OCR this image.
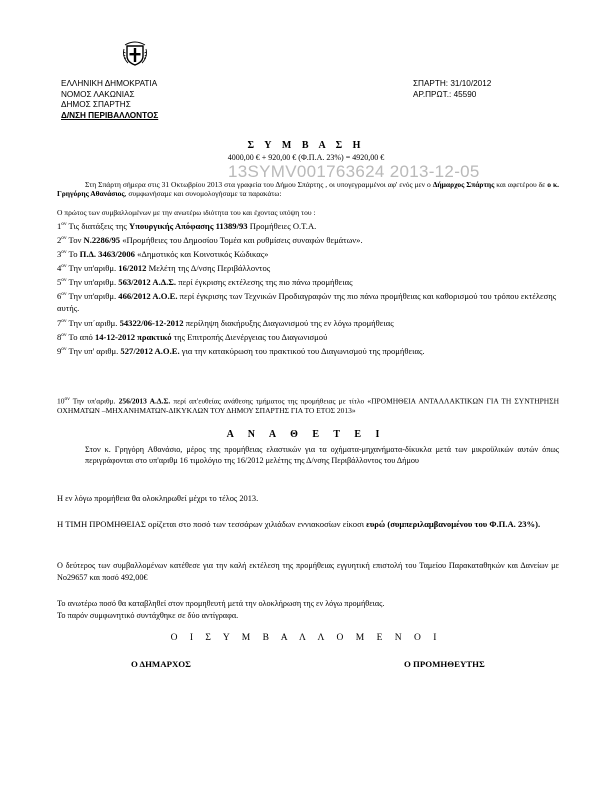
ΕΛΛΗΝΙΚΗ ΔΗΜΟΚΡΑΤΙΑ
ΝΟΜΟΣ ΛΑΚΩΝΙΑΣ
ΔΗΜΟΣ ΣΠΑΡΤΗΣ
Δ/ΝΣΗ ΠΕΡΙΒΑΛΛΟΝΤΟΣ
ΣΠΑΡΤΗ: 31/10/2012
ΑΡ.ΠΡΩΤ.: 45590
Σ Υ Μ Β Α Σ Η
4000,00 € + 920,00 € (Φ.Π.Α. 23%) = 4920,00 €
13SYMV001763624 2013-12-05
Στη Σπάρτη σήμερα στις 31 Οκτωβρίου 2013 στα γραφεία του Δήμου Σπάρτης , οι υπογεγραμμένοι αφ' ενός μεν ο Δήμαρχος Σπάρτης και αφετέρου δε ο κ. Γρηγόρης Αθανάσιος, συμφωνήσαμε και συνομολογήσαμε τα παρακάτω:
Ο πρώτος των συμβαλλομένων με την ανωτέρω ιδιότητα του και έχοντας υπόψη του :
$1^{o\nu}$ Τις διατάξεις της Υπουργικής Απόφασης 11389/93 Προμήθειες Ο.Τ.Α.
$2^{o\nu}$ Τον Ν.2286/95 «Προμήθειες του Δημοσίου Τομέα και ρυθμίσεις συναφών θεμάτων».
$3^{o\nu}$ Το Π.Δ. 3463/2006 «Δημοτικός και Κοινοτικός Κώδικας»
$4^{o\nu}$ Την υπ'αριθμ. 16/2012 Μελέτη της Δ/νσης Περιβάλλοντος
$5^{o\nu}$ Την υπ'αριθμ. 563/2012 Α.Δ.Σ. περί έγκρισης εκτέλεσης της πιο πάνω προμήθειας
$6^{o\nu}$ Την υπ'αριθμ. 466/2012 Α.Ο.Ε. περί έγκρισης των Τεχνικών Προδιαγραφών της πιο πάνω προμήθειας και καθορισμού του τρόπου εκτέλεσης αυτής.
$7^{o\nu}$ Την υπ΄αριθμ. 54322/06-12-2012 περίληψη διακήρυξης Διαγωνισμού της εν λόγω προμήθειας
$8^{o\nu}$ Το από 14-12-2012 πρακτικό της Επιτροπής Διενέργειας του Διαγωνισμού
$9^{o\nu}$ Την υπ' αριθμ. 527/2012 Α.Ο.Ε. για την κατακύρωση του πρακτικού του Διαγωνισμού της προμήθειας.
$10^{o\nu}$ Την υπ'αριθμ. 256/2013 Α.Δ.Σ. περί απ'ευθείας ανάθεσης τμήματος της προμήθειας με τίτλο «ΠΡΟΜΗΘΕΙΑ ΑΝΤΑΛΛΑΚΤΙΚΩΝ ΓΙΑ ΤΗ ΣΥΝΤΗΡΗΣΗ ΟΧΗΜΑΤΩΝ –ΜΗΧΑΝΗΜΑΤΩΝ-ΔΙΚΥΚΛΩΝ ΤΟΥ ΔΗΜΟΥ ΣΠΑΡΤΗΣ ΓΙΑ ΤΟ ΕΤΟΣ 2013»
Α Ν Α Θ Ε Τ Ε Ι
Στον κ. Γρηγόρη Αθανάσιο, μέρος της προμήθειας ελαστικών για τα οχήματα-μηχανήματα-δίκυκλα μετά των μικροϋλικών αυτών όπως περιγράφονται στο υπ'αριθμ 16 τιμολόγιο της 16/2012 μελέτης της Δ/νσης Περιβάλλοντος του Δήμου
Η εν λόγω προμήθεια θα ολοκληρωθεί μέχρι το τέλος 2013.
Η ΤΙΜΗ ΠΡΟΜΗΘΕΙΑΣ ορίζεται στο ποσό των τεσσάρων χιλιάδων εννιακοσίων είκοσι ευρώ (συμπεριλαμβανομένου του Φ.Π.Α. 23%).
Ο δεύτερος των συμβαλλομένων κατέθεσε για την καλή εκτέλεση της προμήθειας εγγυητική επιστολή του Ταμείου Παρακαταθηκών και Δανείων με No29657 και ποσό 492,00€
Το ανωτέρω ποσό θα καταβληθεί στον προμηθευτή μετά την ολοκλήρωση της εν λόγω προμήθειας.
Το παρόν συμφωνητικό συντάχθηκε σε δύο αντίγραφα.
Ο Ι Σ Υ Μ Β Α Λ Λ Ο Μ Ε Ν Ο Ι
Ο ΔΗΜΑΡΧΟΣ	Ο ΠΡΟΜΗΘΕΥΤΗΣ
